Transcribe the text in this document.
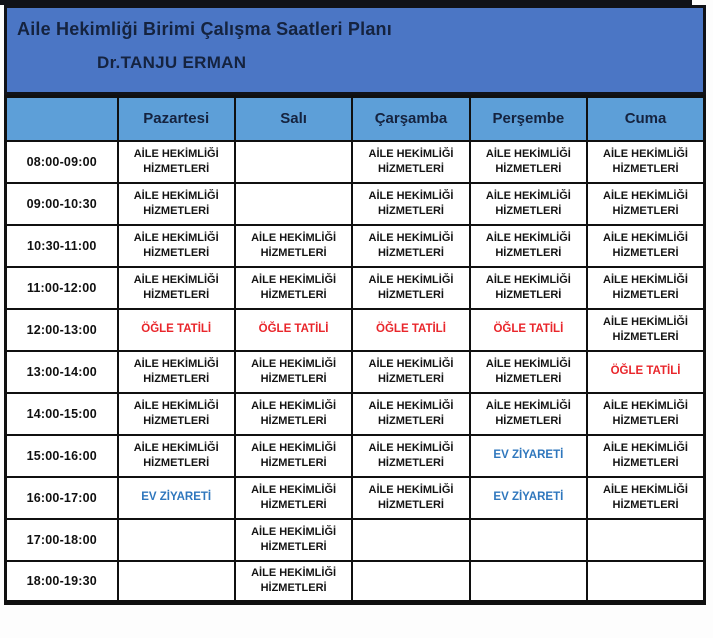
Aile Hekimliği Birimi Çalışma Saatleri Planı
Dr.TANJU ERMAN
	Pazartesi	Salı	Çarşamba	Perşembe	Cuma
08:00-09:00	AİLE HEKİMLİĞİ HİZMETLERİ		AİLE HEKİMLİĞİ HİZMETLERİ	AİLE HEKİMLİĞİ HİZMETLERİ	AİLE HEKİMLİĞİ HİZMETLERİ
09:00-10:30	AİLE HEKİMLİĞİ HİZMETLERİ		AİLE HEKİMLİĞİ HİZMETLERİ	AİLE HEKİMLİĞİ HİZMETLERİ	AİLE HEKİMLİĞİ HİZMETLERİ
10:30-11:00	AİLE HEKİMLİĞİ HİZMETLERİ	AİLE HEKİMLİĞİ HİZMETLERİ	AİLE HEKİMLİĞİ HİZMETLERİ	AİLE HEKİMLİĞİ HİZMETLERİ	AİLE HEKİMLİĞİ HİZMETLERİ
11:00-12:00	AİLE HEKİMLİĞİ HİZMETLERİ	AİLE HEKİMLİĞİ HİZMETLERİ	AİLE HEKİMLİĞİ HİZMETLERİ	AİLE HEKİMLİĞİ HİZMETLERİ	AİLE HEKİMLİĞİ HİZMETLERİ
12:00-13:00	ÖĞLE TATİLİ	ÖĞLE TATİLİ	ÖĞLE TATİLİ	ÖĞLE TATİLİ	AİLE HEKİMLİĞİ HİZMETLERİ
13:00-14:00	AİLE HEKİMLİĞİ HİZMETLERİ	AİLE HEKİMLİĞİ HİZMETLERİ	AİLE HEKİMLİĞİ HİZMETLERİ	AİLE HEKİMLİĞİ HİZMETLERİ	ÖĞLE TATİLİ
14:00-15:00	AİLE HEKİMLİĞİ HİZMETLERİ	AİLE HEKİMLİĞİ HİZMETLERİ	AİLE HEKİMLİĞİ HİZMETLERİ	AİLE HEKİMLİĞİ HİZMETLERİ	AİLE HEKİMLİĞİ HİZMETLERİ
15:00-16:00	AİLE HEKİMLİĞİ HİZMETLERİ	AİLE HEKİMLİĞİ HİZMETLERİ	AİLE HEKİMLİĞİ HİZMETLERİ	EV ZİYARETİ	AİLE HEKİMLİĞİ HİZMETLERİ
16:00-17:00	EV ZİYARETİ	AİLE HEKİMLİĞİ HİZMETLERİ	AİLE HEKİMLİĞİ HİZMETLERİ	EV ZİYARETİ	AİLE HEKİMLİĞİ HİZMETLERİ
17:00-18:00		AİLE HEKİMLİĞİ HİZMETLERİ			
18:00-19:30		AİLE HEKİMLİĞİ HİZMETLERİ			
